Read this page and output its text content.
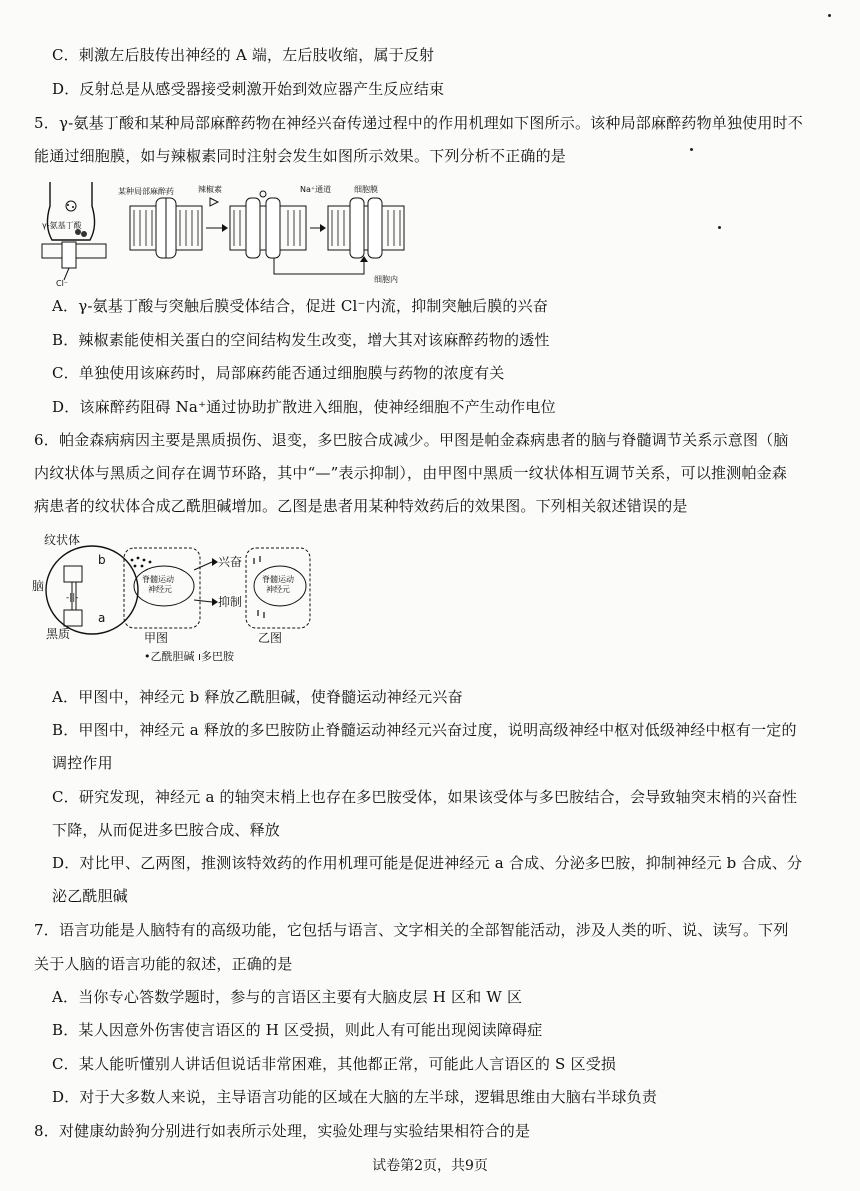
C．刺激左后肢传出神经的 A 端，左后肢收缩，属于反射
D．反射总是从感受器接受刺激开始到效应器产生反应结束
5．γ-氨基丁酸和某种局部麻醉药物在神经兴奋传递过程中的作用机理如下图所示。该种局部麻醉药物单独使用时不
能通过细胞膜，如与辣椒素同时注射会发生如图所示效果。下列分析不正确的是
γ-氨基丁酸
Cl⁻
某种局部麻醉药	辣椒素	Na⁺通道	细胞膜
细胞内
A．γ-氨基丁酸与突触后膜受体结合，促进 Cl⁻内流，抑制突触后膜的兴奋
B．辣椒素能使相关蛋白的空间结构发生改变，增大其对该麻醉药物的透性
C．单独使用该麻药时，局部麻药能否通过细胞膜与药物的浓度有关
D．该麻醉药阻碍 Na⁺通过协助扩散进入细胞，使神经细胞不产生动作电位
6．帕金森病病因主要是黑质损伤、退变，多巴胺合成减少。甲图是帕金森病患者的脑与脊髓调节关系示意图（脑
内纹状体与黑质之间存在调节环路，其中“—”表示抑制），由甲图中黑质一纹状体相互调节关系，可以推测帕金森
病患者的纹状体合成乙酰胆碱增加。乙图是患者用某种特效药后的效果图。下列相关叙述错误的是
纹状体
脑
黑质
-||-
b
a
脊髓运动
神经元
兴奋
抑制
甲图
脊髓运动
神经元
乙图
•乙酰胆碱 ı多巴胺
A．甲图中，神经元 b 释放乙酰胆碱，使脊髓运动神经元兴奋
B．甲图中，神经元 a 释放的多巴胺防止脊髓运动神经元兴奋过度，说明高级神经中枢对低级神经中枢有一定的
调控作用
C．研究发现，神经元 a 的轴突末梢上也存在多巴胺受体，如果该受体与多巴胺结合，会导致轴突末梢的兴奋性
下降，从而促进多巴胺合成、释放
D．对比甲、乙两图，推测该特效药的作用机理可能是促进神经元 a 合成、分泌多巴胺，抑制神经元 b 合成、分
泌乙酰胆碱
7．语言功能是人脑特有的高级功能，它包括与语言、文字相关的全部智能活动，涉及人类的听、说、读写。下列
关于人脑的语言功能的叙述，正确的是
A．当你专心答数学题时，参与的言语区主要有大脑皮层 H 区和 W 区
B．某人因意外伤害使言语区的 H 区受损，则此人有可能出现阅读障碍症
C．某人能听懂别人讲话但说话非常困难，其他都正常，可能此人言语区的 S 区受损
D．对于大多数人来说，主导语言功能的区域在大脑的左半球，逻辑思维由大脑右半球负责
8．对健康幼龄狗分别进行如表所示处理，实验处理与实验结果相符合的是
试卷第2页，共9页
